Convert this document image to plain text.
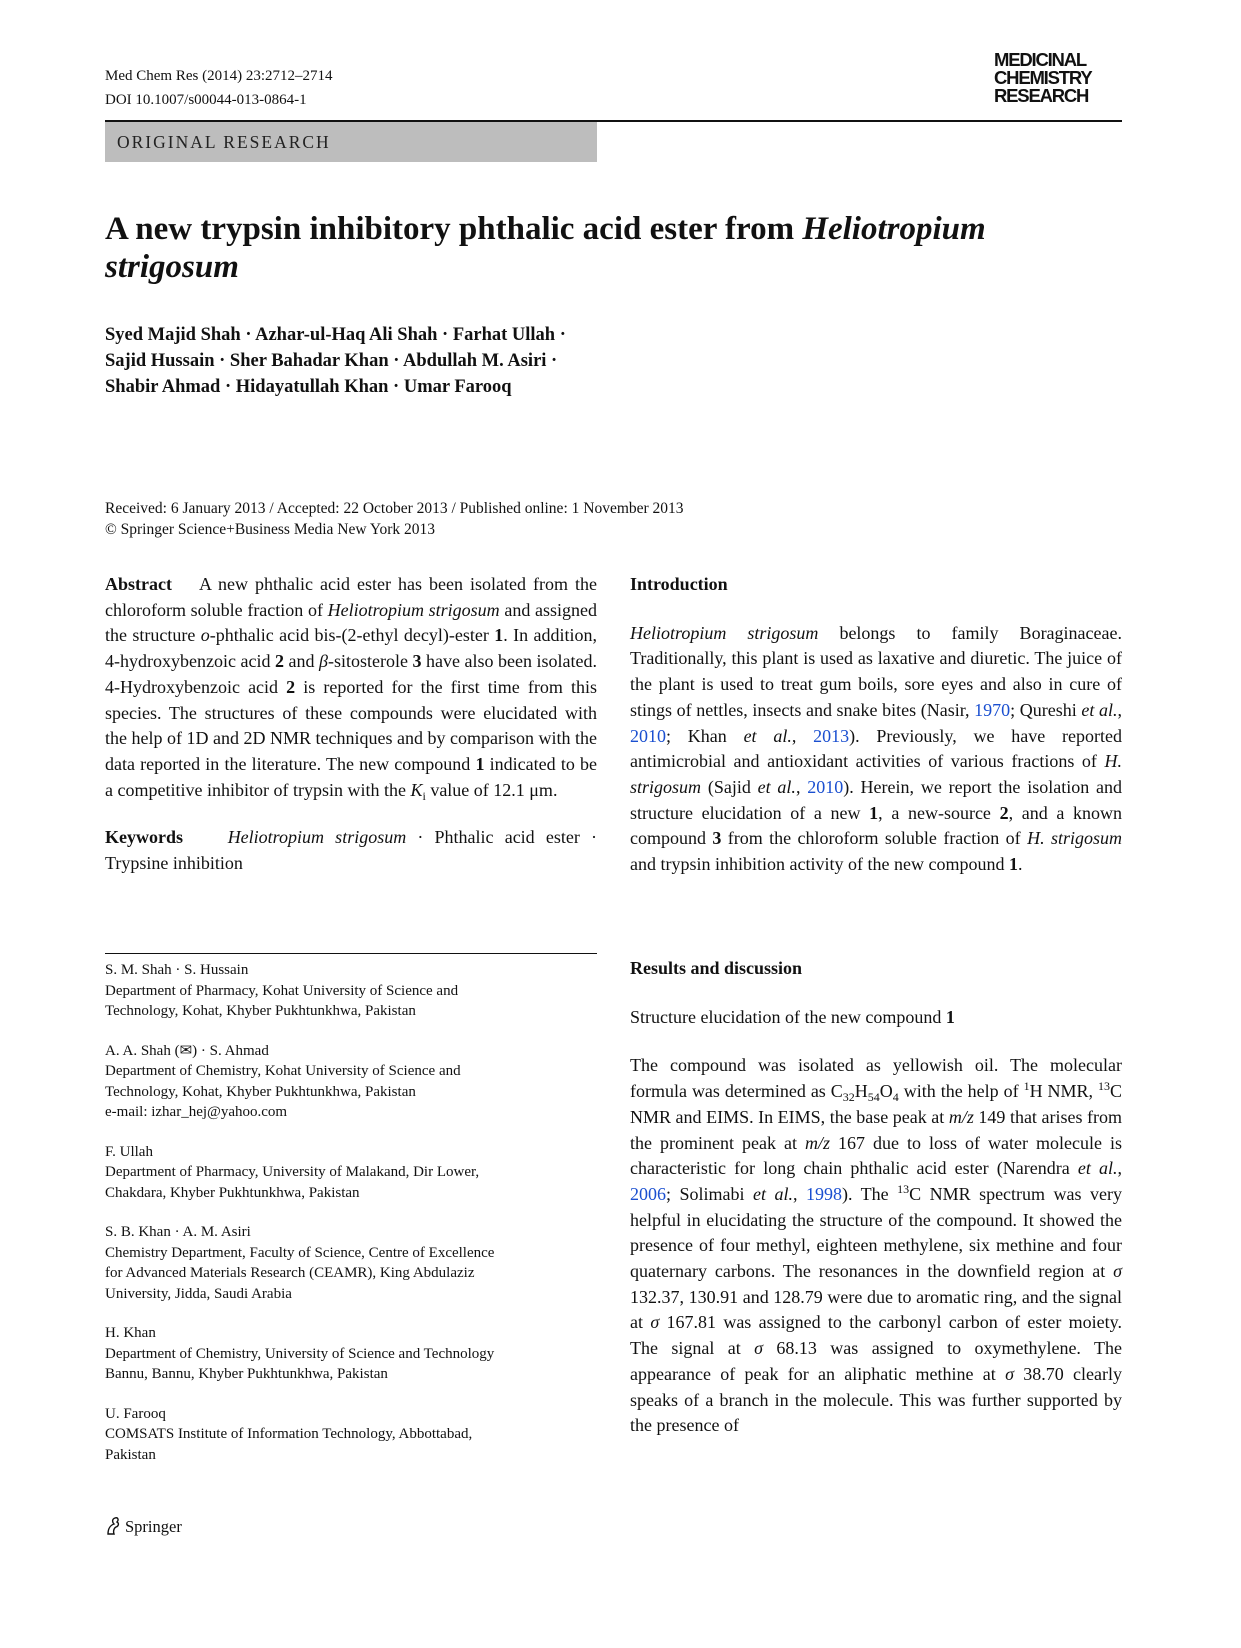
Med Chem Res (2014) 23:2712–2714
DOI 10.1007/s00044-013-0864-1
MEDICINAL
CHEMISTRY
RESEARCH
ORIGINAL RESEARCH
A new trypsin inhibitory phthalic acid ester from Heliotropium
strigosum
Syed Majid Shah · Azhar-ul-Haq Ali Shah · Farhat Ullah ·
Sajid Hussain · Sher Bahadar Khan · Abdullah M. Asiri ·
Shabir Ahmad · Hidayatullah Khan · Umar Farooq
Received: 6 January 2013 / Accepted: 22 October 2013 / Published online: 1 November 2013
© Springer Science+Business Media New York 2013

Abstract A new phthalic acid ester has been isolated from the chloroform soluble fraction of Heliotropium strigosum and assigned the structure o-phthalic acid bis-(2-ethyl decyl)-ester 1. In addition, 4-hydroxybenzoic acid 2 and β-sitosterole 3 have also been isolated. 4-Hydroxybenzoic acid 2 is reported for the first time from this species. The structures of these compounds were elucidated with the help of 1D and 2D NMR techniques and by comparison with the data reported in the literature. The new compound 1 indicated to be a competitive inhibitor of trypsin with the $K_i$ value of 12.1 μm.

Keywords Heliotropium strigosum · Phthalic acid ester · Trypsine inhibition

S. M. Shah · S. Hussain
Department of Pharmacy, Kohat University of Science and
Technology, Kohat, Khyber Pukhtunkhwa, Pakistan
A. A. Shah (✉) · S. Ahmad
Department of Chemistry, Kohat University of Science and
Technology, Kohat, Khyber Pukhtunkhwa, Pakistan
e-mail: izhar_hej@yahoo.com
F. Ullah
Department of Pharmacy, University of Malakand, Dir Lower,
Chakdara, Khyber Pukhtunkhwa, Pakistan
S. B. Khan · A. M. Asiri
Chemistry Department, Faculty of Science, Centre of Excellence
for Advanced Materials Research (CEAMR), King Abdulaziz
University, Jidda, Saudi Arabia
H. Khan
Department of Chemistry, University of Science and Technology
Bannu, Bannu, Khyber Pukhtunkhwa, Pakistan
U. Farooq
COMSATS Institute of Information Technology, Abbottabad,
Pakistan

Introduction

Heliotropium strigosum belongs to family Boraginaceae. Traditionally, this plant is used as laxative and diuretic. The juice of the plant is used to treat gum boils, sore eyes and also in cure of stings of nettles, insects and snake bites (Nasir, 1970; Qureshi et al., 2010; Khan et al., 2013). Previously, we have reported antimicrobial and antioxidant activities of various fractions of H. strigosum (Sajid et al., 2010). Herein, we report the isolation and structure elucidation of a new 1, a new-source 2, and a known compound 3 from the chloroform soluble fraction of H. strigosum and trypsin inhibition activity of the new compound 1.

Results and discussion

Structure elucidation of the new compound 1

The compound was isolated as yellowish oil. The molecular formula was determined as $C_{32}H_{54}O_4$ with the help of $^1$H NMR, $^{13}$C NMR and EIMS. In EIMS, the base peak at m/z 149 that arises from the prominent peak at m/z 167 due to loss of water molecule is characteristic for long chain phthalic acid ester (Narendra et al., 2006; Solimabi et al., 1998). The $^{13}$C NMR spectrum was very helpful in elucidating the structure of the compound. It showed the presence of four methyl, eighteen methylene, six methine and four quaternary carbons. The resonances in the downfield region at σ 132.37, 130.91 and 128.79 were due to aromatic ring, and the signal at σ 167.81 was assigned to the carbonyl carbon of ester moiety. The signal at σ 68.13 was assigned to oxymethylene. The appearance of peak for an aliphatic methine at σ 38.70 clearly speaks of a branch in the molecule. This was further supported by the presence of

Springer
